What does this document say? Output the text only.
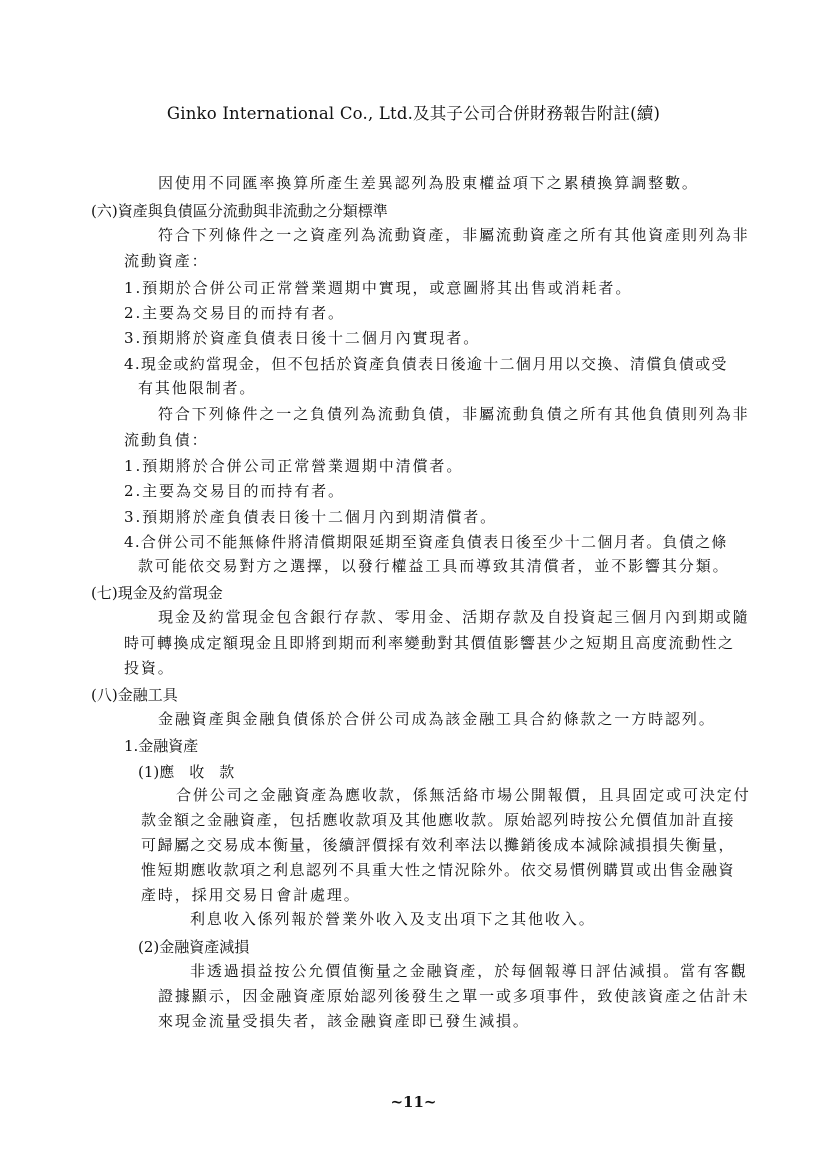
Ginko International Co., Ltd.及其子公司合併財務報告附註(續)
因使用不同匯率換算所產生差異認列為股東權益項下之累積換算調整數。
(六)資產與負債區分流動與非流動之分類標準
符合下列條件之一之資產列為流動資產，非屬流動資產之所有其他資產則列為非
流動資產：
1.預期於合併公司正常營業週期中實現，或意圖將其出售或消耗者。
2.主要為交易目的而持有者。
3.預期將於資產負債表日後十二個月內實現者。
4.現金或約當現金，但不包括於資產負債表日後逾十二個月用以交換、清償負債或受
有其他限制者。
符合下列條件之一之負債列為流動負債，非屬流動負債之所有其他負債則列為非
流動負債：
1.預期將於合併公司正常營業週期中清償者。
2.主要為交易目的而持有者。
3.預期將於產負債表日後十二個月內到期清償者。
4.合併公司不能無條件將清償期限延期至資產負債表日後至少十二個月者。負債之條
款可能依交易對方之選擇，以發行權益工具而導致其清償者，並不影響其分類。
(七)現金及約當現金
現金及約當現金包含銀行存款、零用金、活期存款及自投資起三個月內到期或隨
時可轉換成定額現金且即將到期而利率變動對其價值影響甚少之短期且高度流動性之
投資。
(八)金融工具
金融資產與金融負債係於合併公司成為該金融工具合約條款之一方時認列。
1.金融資產
(1)應　收　款
合併公司之金融資產為應收款，係無活絡市場公開報價，且具固定或可決定付
款金額之金融資產，包括應收款項及其他應收款。原始認列時按公允價值加計直接
可歸屬之交易成本衡量，後續評價採有效利率法以攤銷後成本減除減損損失衡量，
惟短期應收款項之利息認列不具重大性之情況除外。依交易慣例購買或出售金融資
產時，採用交易日會計處理。
利息收入係列報於營業外收入及支出項下之其他收入。
(2)金融資產減損
非透過損益按公允價值衡量之金融資產，於每個報導日評估減損。當有客觀
證據顯示，因金融資產原始認列後發生之單一或多項事件，致使該資產之估計未
來現金流量受損失者，該金融資產即已發生減損。
~11~
